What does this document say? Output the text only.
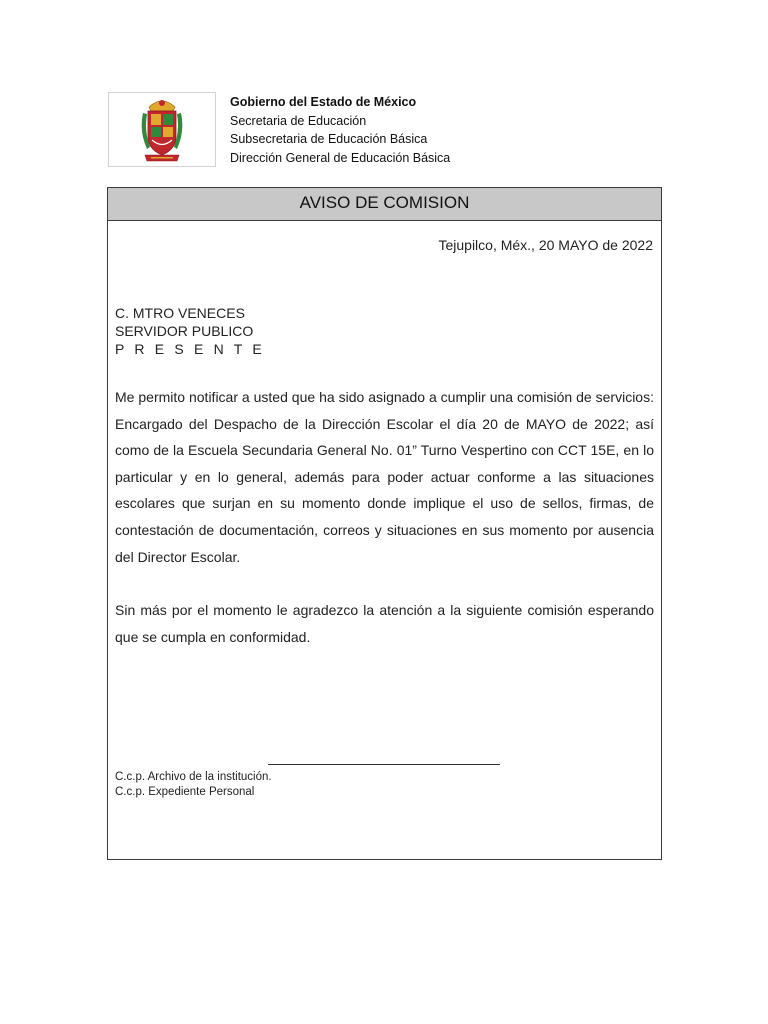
Gobierno del Estado de México
Secretaria de Educación
Subsecretaria de Educación Básica
Dirección General de Educación Básica
AVISO DE COMISION
Tejupilco, Méx., 20 MAYO de 2022
C. MTRO VENECES
SERVIDOR PUBLICO
P R E S E N T E

Me permito notificar a usted que ha sido asignado a cumplir una comisión de servicios: Encargado del Despacho de la Dirección Escolar el día 20 de MAYO de 2022; así como de la Escuela Secundaria General No. 01” Turno Vespertino con CCT 15E, en lo particular y en lo general, además para poder actuar conforme a las situaciones escolares que surjan en su momento donde implique el uso de sellos, firmas, de contestación de documentación, correos y situaciones en sus momento por ausencia del Director Escolar.

Sin más por el momento le agradezco la atención a la siguiente comisión esperando que se cumpla en conformidad.

C.c.p. Archivo de la institución.
C.c.p. Expediente Personal
